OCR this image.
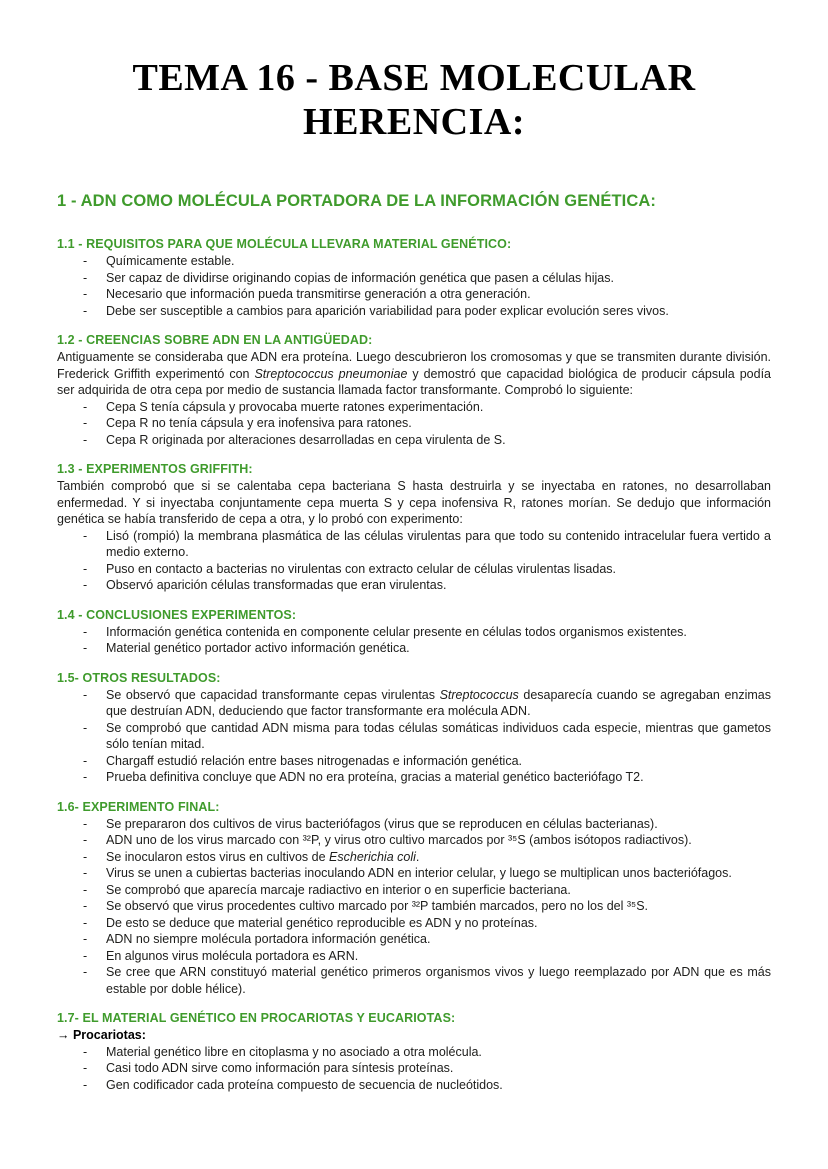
TEMA 16 - BASE MOLECULAR HERENCIA:
1 - ADN COMO MOLÉCULA PORTADORA DE LA INFORMACIÓN GENÉTICA:
1.1 - REQUISITOS PARA QUE MOLÉCULA LLEVARA MATERIAL GENÉTICO:
- Químicamente estable.
- Ser capaz de dividirse originando copias de información genética que pasen a células hijas.
- Necesario que información pueda transmitirse generación a otra generación.
- Debe ser susceptible a cambios para aparición variabilidad para poder explicar evolución seres vivos.
1.2 - CREENCIAS SOBRE ADN EN LA ANTIGÜEDAD:

Antiguamente se consideraba que ADN era proteína. Luego descubrieron los cromosomas y que se transmiten durante división. Frederick Griffith experimentó con Streptococcus pneumoniae y demostró que capacidad biológica de producir cápsula podía ser adquirida de otra cepa por medio de sustancia llamada factor transformante. Comprobó lo siguiente:

- Cepa S tenía cápsula y provocaba muerte ratones experimentación.
- Cepa R no tenía cápsula y era inofensiva para ratones.
- Cepa R originada por alteraciones desarrolladas en cepa virulenta de S.
1.3 - EXPERIMENTOS GRIFFITH:

También comprobó que si se calentaba cepa bacteriana S hasta destruirla y se inyectaba en ratones, no desarrollaban enfermedad. Y si inyectaba conjuntamente cepa muerta S y cepa inofensiva R, ratones morían. Se dedujo que información genética se había transferido de cepa a otra, y lo probó con experimento:

- Lisó (rompió) la membrana plasmática de las células virulentas para que todo su contenido intracelular fuera vertido a medio externo.
- Puso en contacto a bacterias no virulentas con extracto celular de células virulentas lisadas.
- Observó aparición células transformadas que eran virulentas.
1.4 - CONCLUSIONES EXPERIMENTOS:
- Información genética contenida en componente celular presente en células todos organismos existentes.
- Material genético portador activo información genética.
1.5- OTROS RESULTADOS:
- Se observó que capacidad transformante cepas virulentas Streptococcus desaparecía cuando se agregaban enzimas que destruían ADN, deduciendo que factor transformante era molécula ADN.
- Se comprobó que cantidad ADN misma para todas células somáticas individuos cada especie, mientras que gametos sólo tenían mitad.
- Chargaff estudió relación entre bases nitrogenadas e información genética.
- Prueba definitiva concluye que ADN no era proteína, gracias a material genético bacteriófago T2.
1.6- EXPERIMENTO FINAL:
- Se prepararon dos cultivos de virus bacteriófagos (virus que se reproducen en células bacterianas).
- ADN uno de los virus marcado con ³²P, y virus otro cultivo marcados por ³⁵S (ambos isótopos radiactivos).
- Se inocularon estos virus en cultivos de Escherichia coli.
- Virus se unen a cubiertas bacterias inoculando ADN en interior celular, y luego se multiplican unos bacteriófagos.
- Se comprobó que aparecía marcaje radiactivo en interior o en superficie bacteriana.
- Se observó que virus procedentes cultivo marcado por ³²P también marcados, pero no los del ³⁵S.
- De esto se deduce que material genético reproducible es ADN y no proteínas.
- ADN no siempre molécula portadora información genética.
- En algunos virus molécula portadora es ARN.
- Se cree que ARN constituyó material genético primeros organismos vivos y luego reemplazado por ADN que es más estable por doble hélice).
1.7- EL MATERIAL GENÉTICO EN PROCARIOTAS Y EUCARIOTAS:
→ Procariotas:
- Material genético libre en citoplasma y no asociado a otra molécula.
- Casi todo ADN sirve como información para síntesis proteínas.
- Gen codificador cada proteína compuesto de secuencia de nucleótidos.
